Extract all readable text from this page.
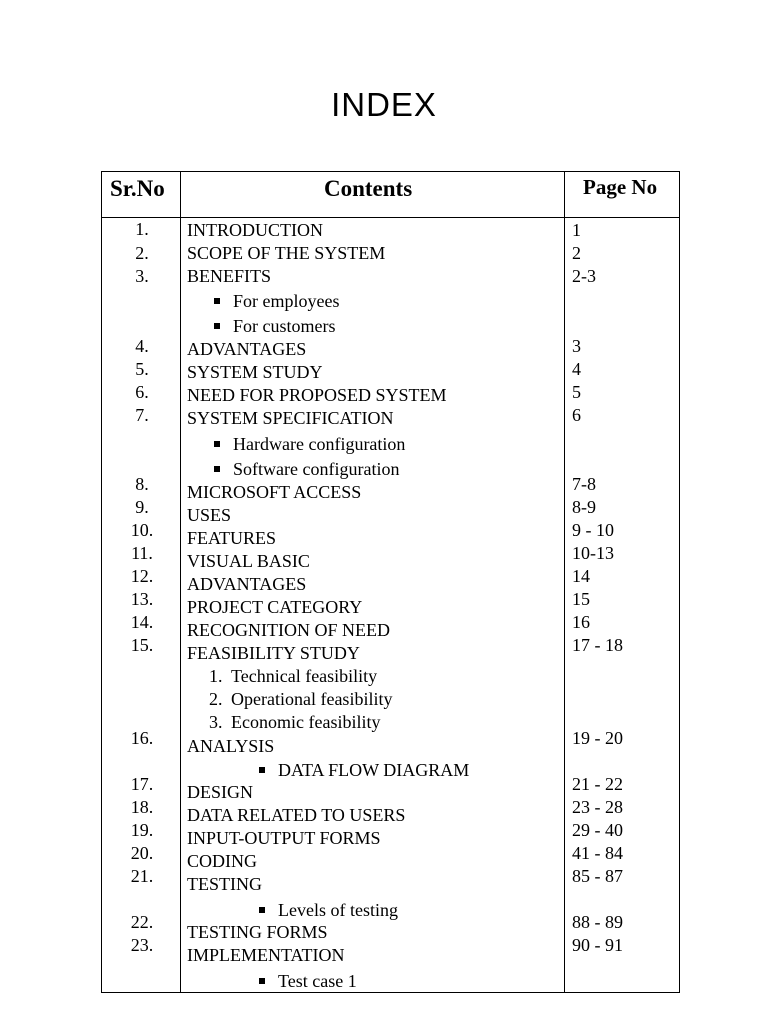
INDEX
Sr.No	Contents	Page No
1.	INTRODUCTION	1
2.	SCOPE OF THE SYSTEM	2
3.	BENEFITS	2-3
For employees
For customers
4.	ADVANTAGES	3
5.	SYSTEM STUDY	4
6.	NEED FOR PROPOSED SYSTEM	5
7.	SYSTEM SPECIFICATION	6
Hardware configuration
Software configuration
8.	MICROSOFT ACCESS	7-8
9.	USES	8-9
10.	FEATURES	9 - 10
11.	VISUAL BASIC	10-13
12.	ADVANTAGES	14
13.	PROJECT CATEGORY	15
14.	RECOGNITION OF NEED	16
15.	FEASIBILITY STUDY	17 - 18
1. Technical feasibility
2. Operational feasibility
3. Economic feasibility
16.	ANALYSIS	19 - 20
DATA FLOW DIAGRAM
17.	DESIGN	21 - 22
18.	DATA RELATED TO USERS	23 - 28
19.	INPUT-OUTPUT FORMS	29 - 40
20.	CODING	41 - 84
21.	TESTING	85 - 87
Levels of testing
22.	TESTING FORMS	88 - 89
23.	IMPLEMENTATION	90 - 91
Test case 1
